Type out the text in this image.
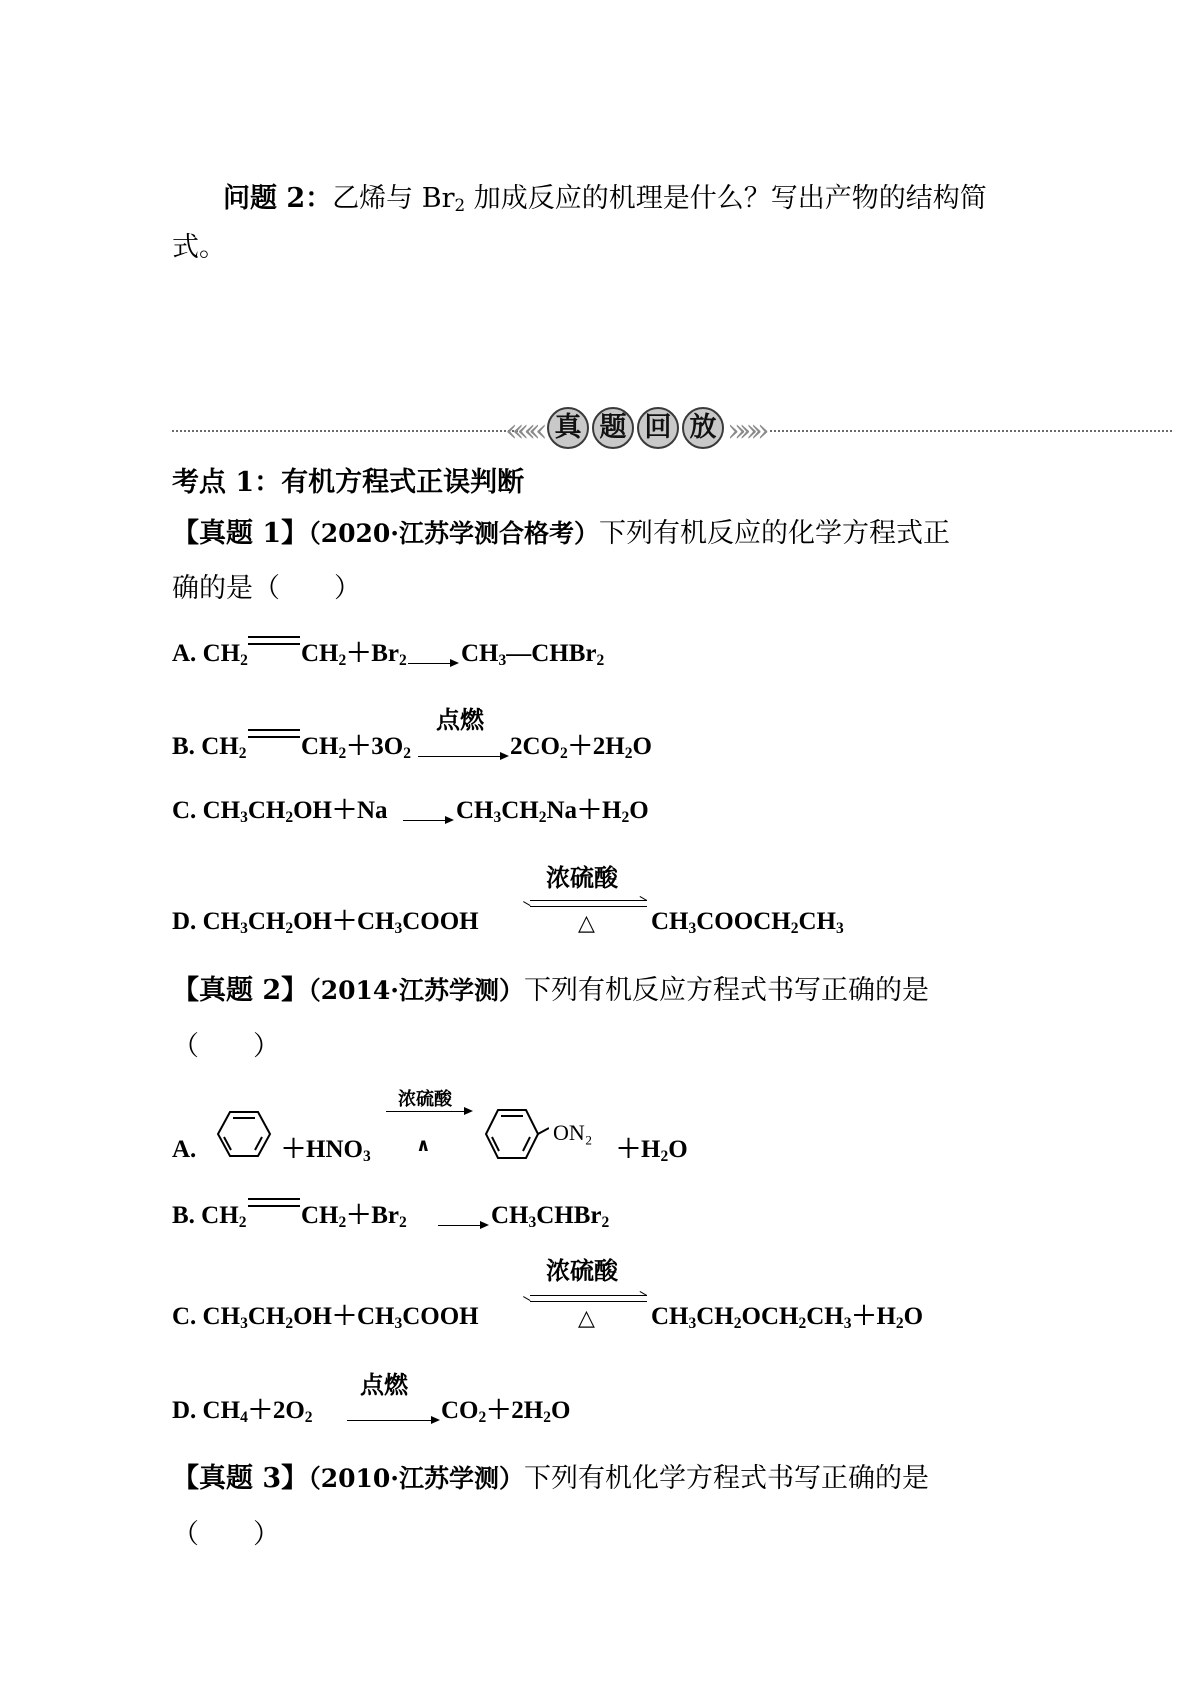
问题 2：乙烯与 $Br_2$ 加成反应的机理是什么？写出产物的结构简
式。
««« 真 题 回 放 »»»
考点 1：有机方程式正误判断
【真题 1】（2020·江苏学测合格考）下列有机反应的化学方程式正
确的是（　　）
A. $CH_2$ $CH_2+Br_2$ $CH_3—CHBr_2$
点燃
B. $CH_2$ $CH_2+3O_2$	$2CO_2+2H_2O$
C. $CH_3CH_2OH+Na$	$CH_3CH_2Na+H_2O$
浓硫酸
D. $CH_3CH_2OH+CH_3COOH$	△ $CH_3COOCH_2CH_3$
【真题 2】（2014·江苏学测）下列有机反应方程式书写正确的是
（　　）
浓硫酸
∧
A.	$+HNO_3$
ON₂
$+H_2O$
B. $CH_2$ $CH_2+Br_2$	$CH_3CHBr_2$
浓硫酸
C. $CH_3CH_2OH+CH_3COOH$	△ $CH_3CH_2OCH_2CH_3+H_2O$
点燃
D. $CH_4+2O_2$	$CO_2+2H_2O$
【真题 3】（2010·江苏学测）下列有机化学方程式书写正确的是
（　　）
